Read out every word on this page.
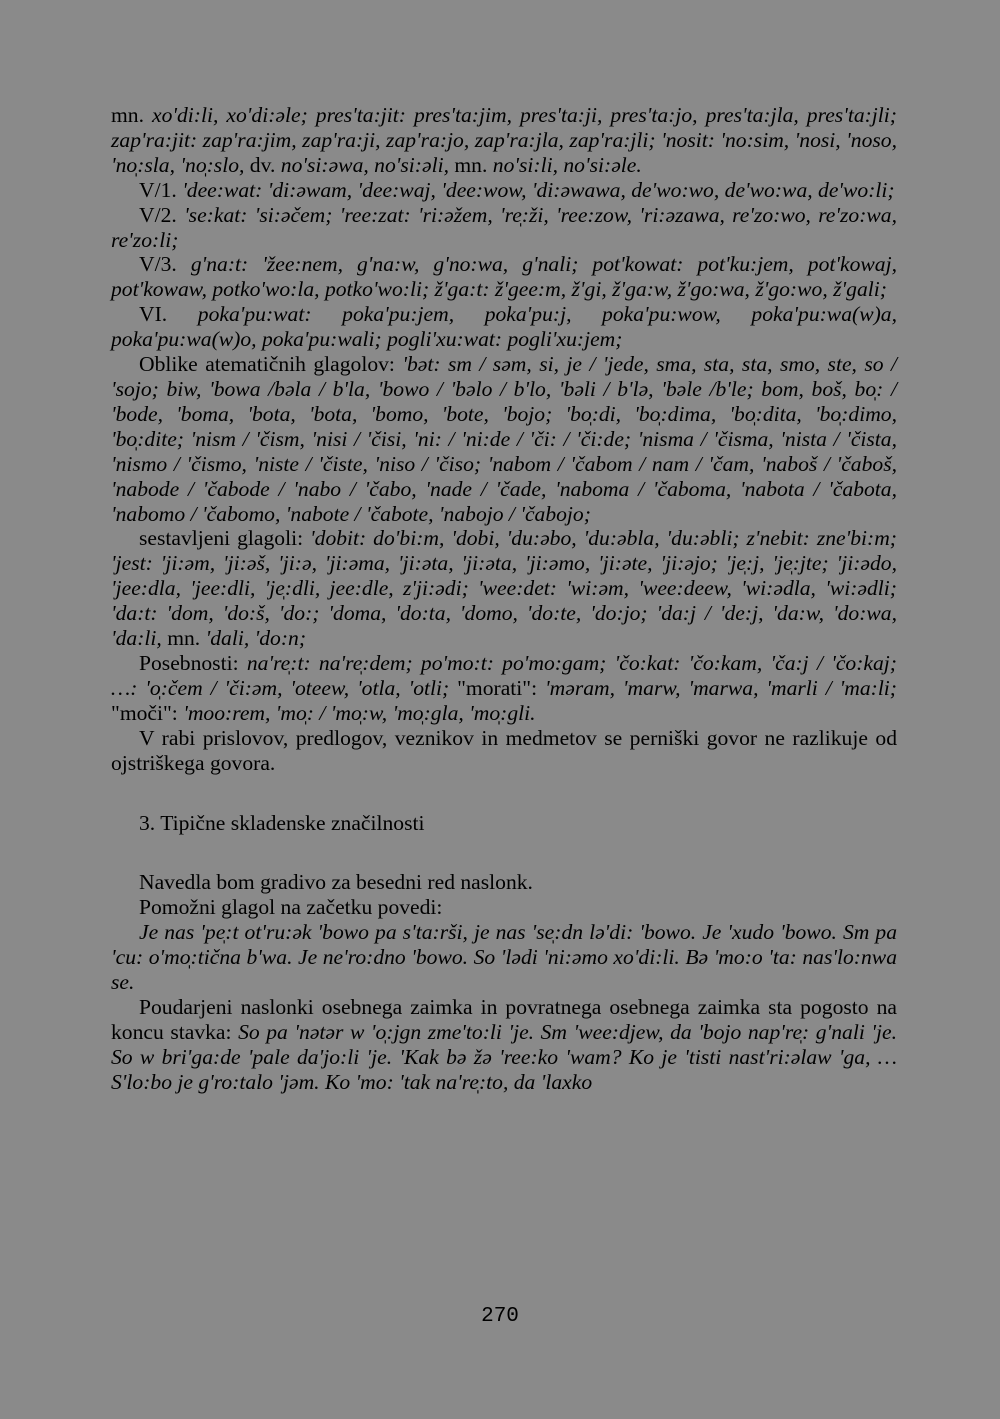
mn. xo'di:li, xo'di:əle; pres'ta:jit: pres'ta:jim, pres'ta:ji, pres'ta:jo, pres'ta:jla, pres'ta:jli; zap'ra:jit: zap'ra:jim, zap'ra:ji, zap'ra:jo, zap'ra:jla, zap'ra:jli; 'nosit: 'no:sim, 'nosi, 'noso, 'no̩:sla, 'no̩:slo, dv. no'si:əwa, no'si:əli, mn. no'si:li, no'si:əle.

V/1. 'dee:wat: 'di:əwam, 'dee:waj, 'dee:wow, 'di:əwawa, de'wo:wo, de'wo:wa, de'wo:li;

V/2. 'se:kat: 'si:əčem; 'ree:zat: 'ri:əžem, 're̩:ži, 'ree:zow, 'ri:əzawa, re'zo:wo, re'zo:wa, re'zo:li;

V/3. g'na:t: 'žee:nem, g'na:w, g'no:wa, g'nali; pot'kowat: pot'ku:jem, pot'kowaj, pot'kowaw, potko'wo:la, potko'wo:li; ž'ga:t: ž'gee:m, ž'gi, ž'ga:w, ž'go:wa, ž'go:wo, ž'gali;

VI. poka'pu:wat: poka'pu:jem, poka'pu:j, poka'pu:wow, poka'pu:wa(w)a, poka'pu:wa(w)o, poka'pu:wali; pogli'xu:wat: pogli'xu:jem;

Oblike atematičnih glagolov: 'bət: sm / səm, si, je / 'jede, sma, sta, sta, smo, ste, so / 'sojo; biw, 'bowa /bəla / b'la, 'bowo / 'bəlo / b'lo, 'bəli / b'lə, 'bəle /b'le; bom, boš, bo̩: / 'bode, 'boma, 'bota, 'bota, 'bomo, 'bote, 'bojo; 'bo̩:di, 'bo̩:dima, 'bo̩:dita, 'bo̩:dimo, 'bo̩:dite; 'nism / 'čism, 'nisi / 'čisi, 'ni: / 'ni:de / 'či: / 'či:de; 'nisma / 'čisma, 'nista / 'čista, 'nismo / 'čismo, 'niste / 'čiste, 'niso / 'čiso; 'nabom / 'čabom / nam / 'čam, 'naboš / 'čaboš, 'nabode / 'čabode / 'nabo / 'čabo, 'nade / 'čade, 'naboma / 'čaboma, 'nabota / 'čabota, 'nabomo / 'čabomo, 'nabote / 'čabote, 'nabojo / 'čabojo;

sestavljeni glagoli: 'dobit: do'bi:m, 'dobi, 'du:əbo, 'du:əbla, 'du:əbli; z'nebit: zne'bi:m; 'jest: 'ji:əm, 'ji:əš, 'ji:ə, 'ji:əma, 'ji:əta, 'ji:əta, 'ji:əmo, 'ji:əte, 'ji:əjo; 'je̩:j, 'je̩:jte; 'ji:ədo, 'jee:dla, 'jee:dli, 'je̩:dli, jee:dle, z'ji:ədi; 'wee:det: 'wi:əm, 'wee:deew, 'wi:ədla, 'wi:ədli; 'da:t: 'dom, 'do:š, 'do:; 'doma, 'do:ta, 'domo, 'do:te, 'do:jo; 'da:j / 'de:j, 'da:w, 'do:wa, 'da:li, mn. 'dali, 'do:n;

Posebnosti: na're̩:t: na're̩:dem; po'mo:t: po'mo:gam; 'čo:kat: 'čo:kam, 'ča:j / 'čo:kaj; …: 'o̩:čem / 'či:əm, 'oteew, 'otla, 'otli; "morati": 'məram, 'marw, 'marwa, 'marli / 'ma:li; "moči": 'moo:rem, 'mo̩: / 'mo̩:w, 'mo̩:gla, 'mo̩:gli.

V rabi prislovov, predlogov, veznikov in medmetov se perniški govor ne razlikuje od ojstriškega govora.

3. Tipične skladenske značilnosti

Navedla bom gradivo za besedni red naslonk.

Pomožni glagol na začetku povedi:

Je nas 'pe̩:t ot'ru:ək 'bowo pa s'ta:rši, je nas 'se̩:dn lə'di: 'bowo. Je 'xudo 'bowo. Sm pa 'cu: o'mo̩:tična b'wa. Je ne'ro:dno 'bowo. So 'lədi 'ni:əmo xo'di:li. Bə 'mo:o 'ta: nas'lo:nwa se.

Poudarjeni naslonki osebnega zaimka in povratnega osebnega zaimka sta pogosto na koncu stavka: So pa 'nətər w 'o̩:jgn zme'to:li 'je. Sm 'wee:djew, da 'bojo nap're̩: g'nali 'je. So w bri'ga:de 'pale da'jo:li 'je. 'Kak bə žə 'ree:ko 'wam? Ko je 'tisti nast'ri:əlaw 'ga, … S'lo:bo je g'ro:talo 'jəm. Ko 'mo: 'tak na're̩:to, da 'laxko

270
